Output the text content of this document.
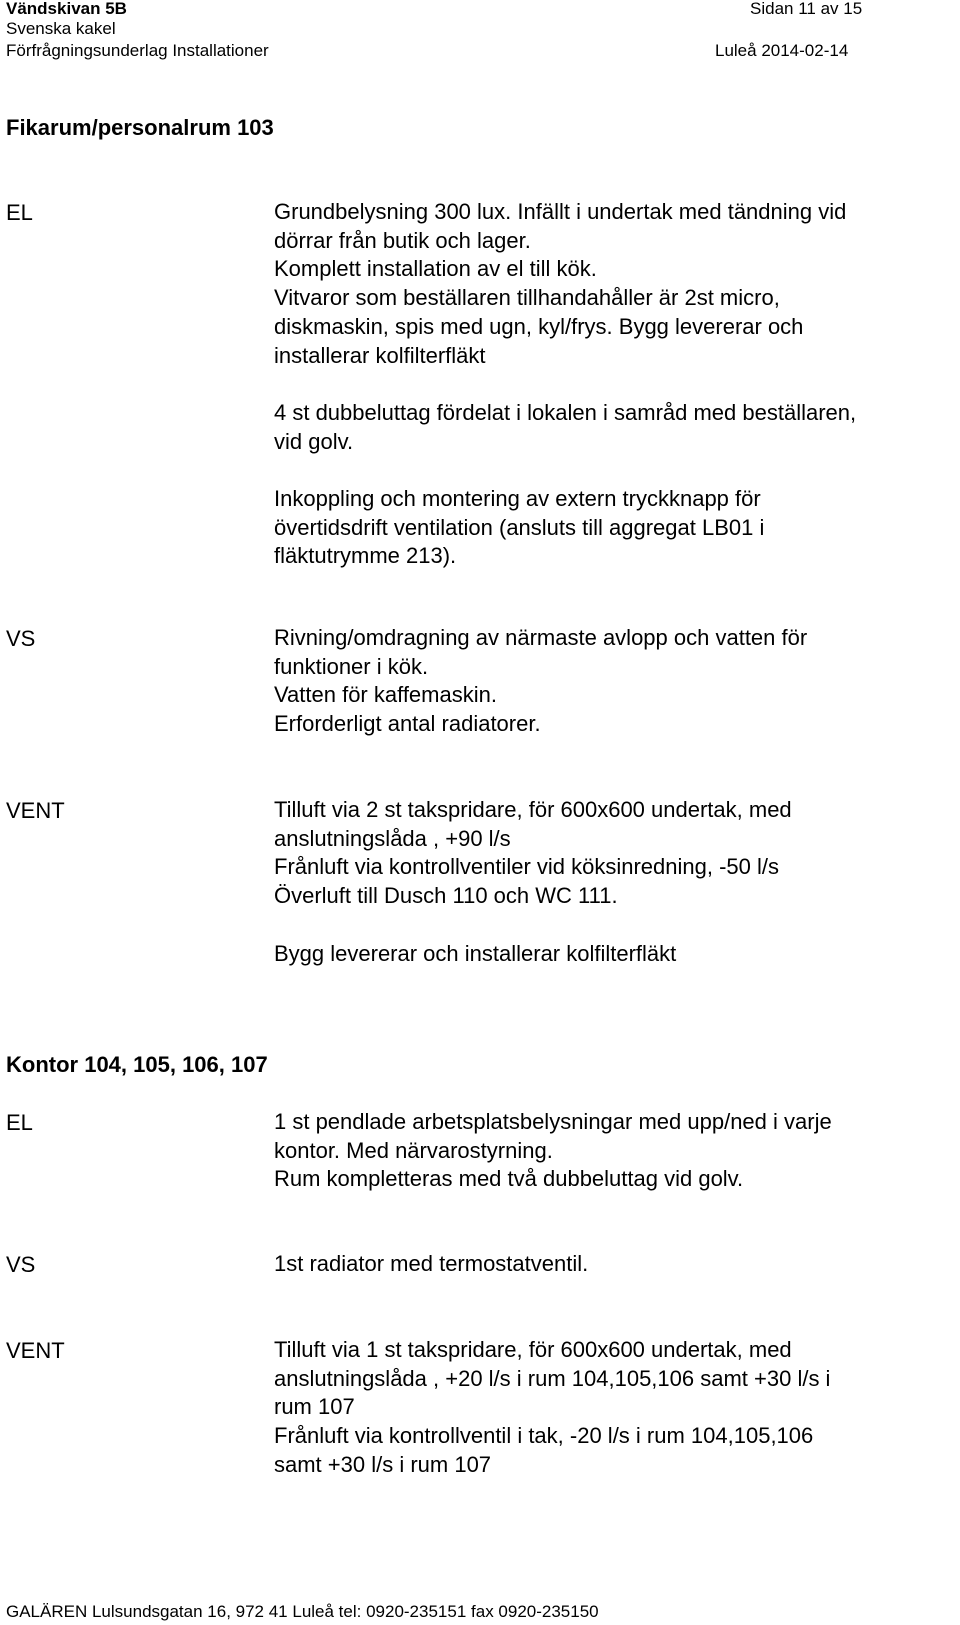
Vändskivan 5B
Svenska kakel
Förfrågningsunderlag Installationer
Sidan 11 av 15
Luleå 2014-02-14
Fikarum/personalrum 103
EL	Grundbelysning 300 lux. Infällt i undertak med tändning vid
dörrar från butik och lager.
Komplett installation av el till kök.
Vitvaror som beställaren tillhandahåller är 2st micro,
diskmaskin, spis med ugn, kyl/frys. Bygg levererar och
installerar kolfilterfläkt

4 st dubbeluttag fördelat i lokalen i samråd med beställaren,
vid golv.

Inkoppling och montering av extern tryckknapp för
övertidsdrift ventilation (ansluts till aggregat LB01 i
fläktutrymme 213).
VS	Rivning/omdragning av närmaste avlopp och vatten för
funktioner i kök.
Vatten för kaffemaskin.
Erforderligt antal radiatorer.
VENT	Tilluft via 2 st takspridare, för 600x600 undertak, med
anslutningslåda , +90 l/s
Frånluft via kontrollventiler vid köksinredning, -50 l/s
Överluft till Dusch 110 och WC 111.

Bygg levererar och installerar kolfilterfläkt
Kontor 104, 105, 106, 107
EL	1 st pendlade arbetsplatsbelysningar med upp/ned i varje
kontor. Med närvarostyrning.
Rum kompletteras med två dubbeluttag vid golv.
VS	1st radiator med termostatventil.
VENT	Tilluft via 1 st takspridare, för 600x600 undertak, med
anslutningslåda , +20 l/s i rum 104,105,106 samt +30 l/s i
rum 107
Frånluft via kontrollventil i tak, -20 l/s i rum 104,105,106
samt +30 l/s i rum 107
GALÄREN Lulsundsgatan 16, 972 41 Luleå tel: 0920-235151 fax 0920-235150
